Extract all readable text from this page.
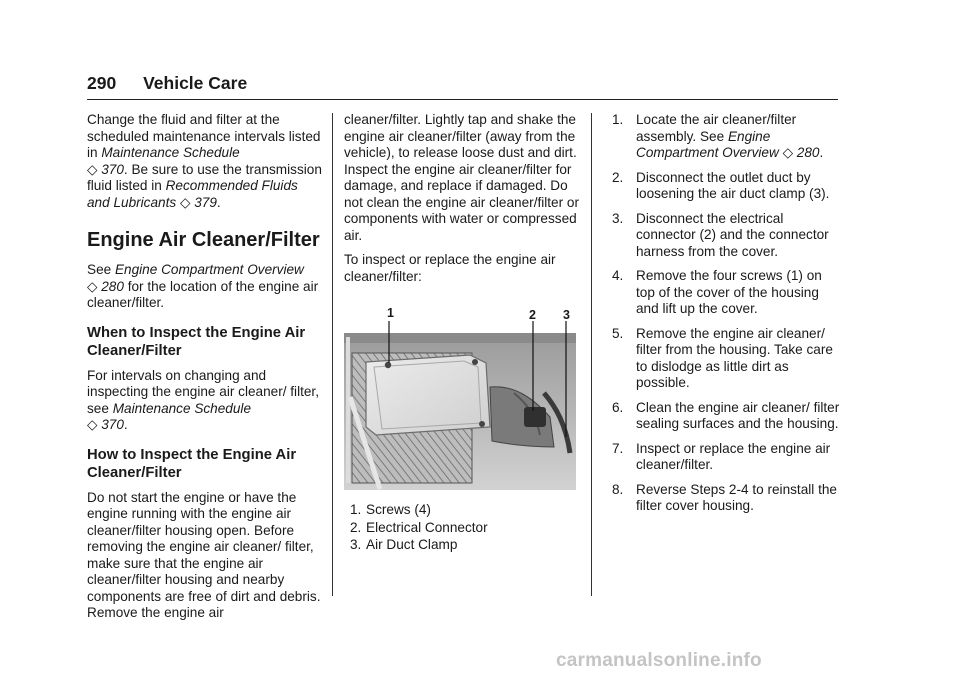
290 Vehicle Care

Change the fluid and filter at the scheduled maintenance intervals listed in Maintenance Schedule
◇ 370. Be sure to use the transmission fluid listed in Recommended Fluids and Lubricants ◇ 379.

Engine Air Cleaner/Filter

See Engine Compartment Overview
◇ 280 for the location of the engine air cleaner/filter.

When to Inspect the Engine Air Cleaner/Filter

For intervals on changing and inspecting the engine air cleaner/ filter, see Maintenance Schedule
◇ 370.

How to Inspect the Engine Air Cleaner/Filter

Do not start the engine or have the engine running with the engine air cleaner/filter housing open. Before removing the engine air cleaner/ filter, make sure that the engine air cleaner/filter housing and nearby components are free of dirt and debris. Remove the engine air

cleaner/filter. Lightly tap and shake the engine air cleaner/filter (away from the vehicle), to release loose dust and dirt. Inspect the engine air cleaner/filter for damage, and replace if damaged. Do not clean the engine air cleaner/filter or components with water or compressed air.

To inspect or replace the engine air cleaner/filter:

1	2 3
1. Screws (4)
2. Electrical Connector
3. Air Duct Clamp
1. Locate the air cleaner/filter assembly. See Engine Compartment Overview ◇ 280.
2. Disconnect the outlet duct by loosening the air duct clamp (3).
3. Disconnect the electrical connector (2) and the connector harness from the cover.
4. Remove the four screws (1) on top of the cover of the housing and lift up the cover.
5. Remove the engine air cleaner/ filter from the housing. Take care to dislodge as little dirt as possible.
6. Clean the engine air cleaner/ filter sealing surfaces and the housing.
7. Inspect or replace the engine air cleaner/filter.
8. Reverse Steps 2-4 to reinstall the filter cover housing.
carmanualsonline.info
